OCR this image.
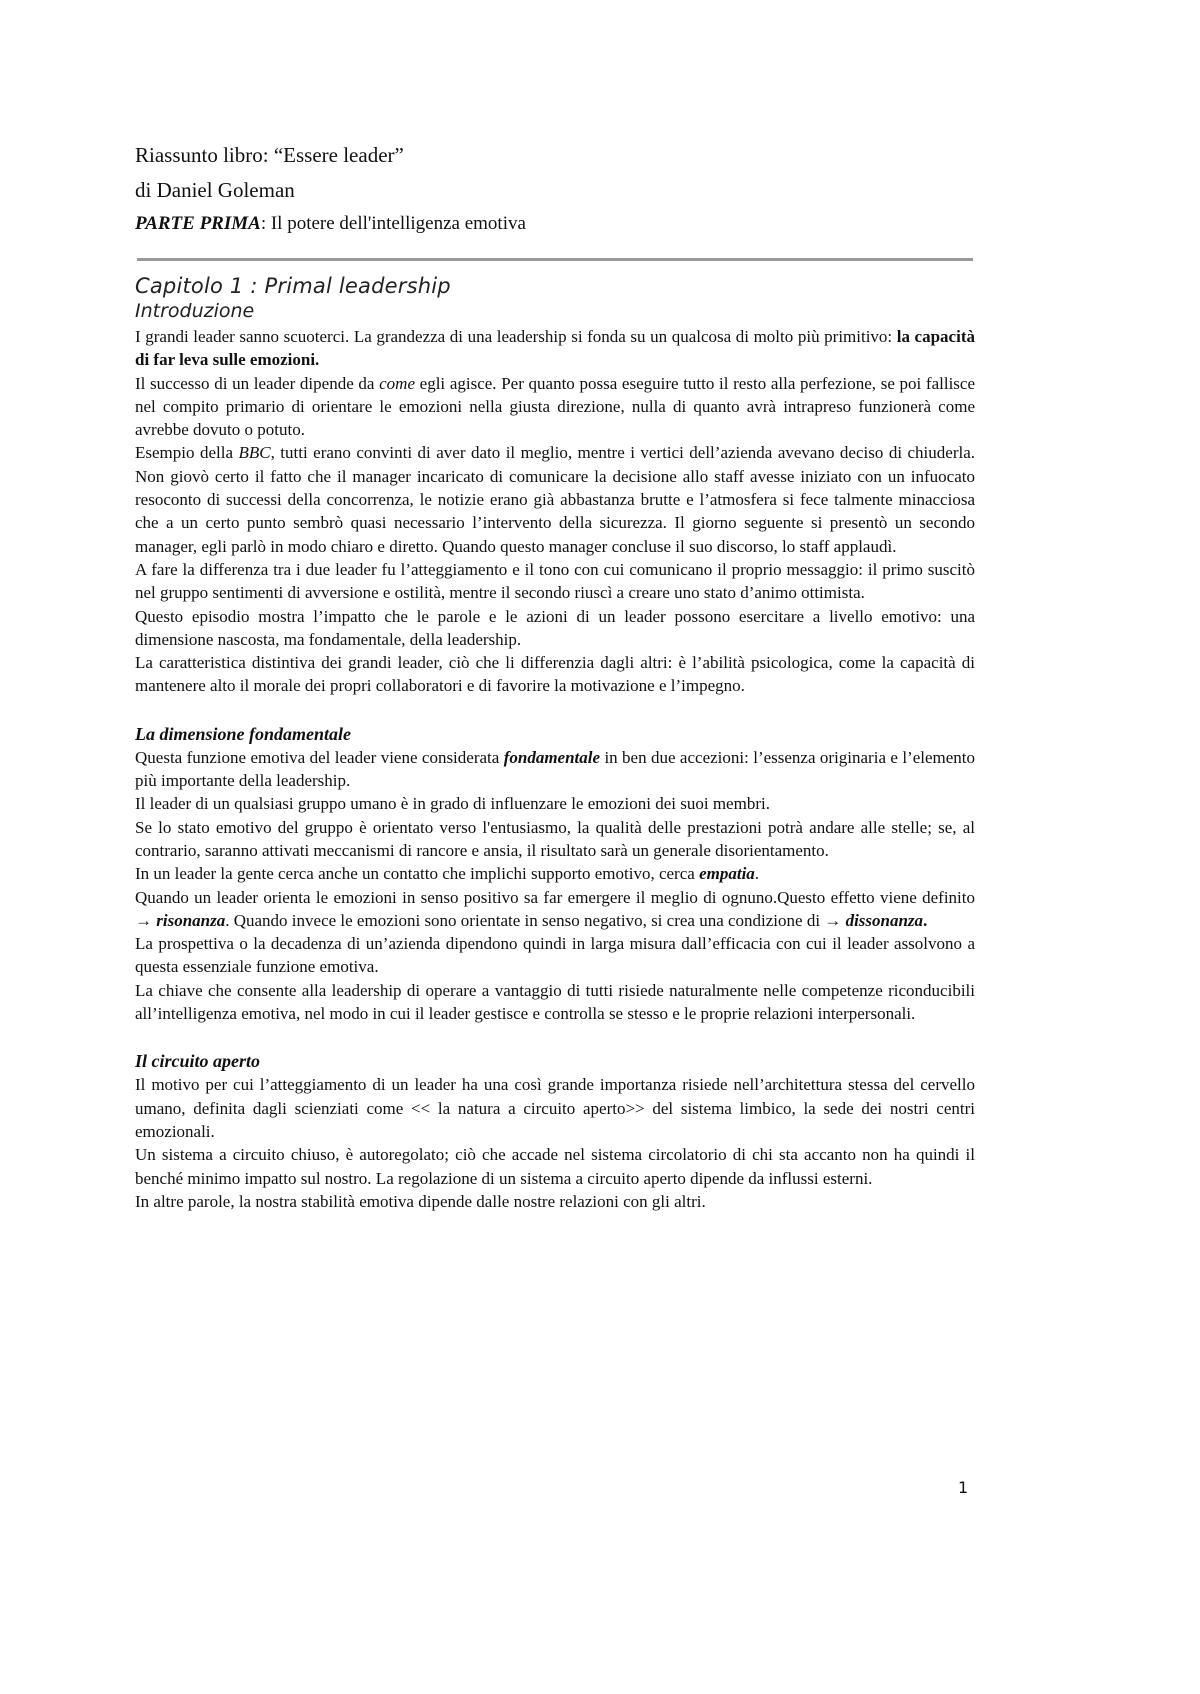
Riassunto libro: “Essere leader”
di Daniel Goleman
PARTE PRIMA: Il potere dell'intelligenza emotiva
Capitolo 1 : Primal leadership
Introduzione

I grandi leader sanno scuoterci. La grandezza di una leadership si fonda su un qualcosa di molto più primitivo: la capacità di far leva sulle emozioni.

Il successo di un leader dipende da come egli agisce. Per quanto possa eseguire tutto il resto alla perfezione, se poi fallisce nel compito primario di orientare le emozioni nella giusta direzione, nulla di quanto avrà intrapreso funzionerà come avrebbe dovuto o potuto.

Esempio della BBC, tutti erano convinti di aver dato il meglio, mentre i vertici dell’azienda avevano deciso di chiuderla. Non giovò certo il fatto che il manager incaricato di comunicare la decisione allo staff avesse iniziato con un infuocato resoconto di successi della concorrenza, le notizie erano già abbastanza brutte e l’atmosfera si fece talmente minacciosa che a un certo punto sembrò quasi necessario l’intervento della sicurezza. Il giorno seguente si presentò un secondo manager, egli parlò in modo chiaro e diretto. Quando questo manager concluse il suo discorso, lo staff applaudì.

A fare la differenza tra i due leader fu l’atteggiamento e il tono con cui comunicano il proprio messaggio: il primo suscitò nel gruppo sentimenti di avversione e ostilità, mentre il secondo riuscì a creare uno stato d’animo ottimista.

Questo episodio mostra l’impatto che le parole e le azioni di un leader possono esercitare a livello emotivo: una dimensione nascosta, ma fondamentale, della leadership.

La caratteristica distintiva dei grandi leader, ciò che li differenzia dagli altri: è l’abilità psicologica, come la capacità di mantenere alto il morale dei propri collaboratori e di favorire la motivazione e l’impegno.

La dimensione fondamentale

Questa funzione emotiva del leader viene considerata fondamentale in ben due accezioni: l’essenza originaria e l’elemento più importante della leadership.

Il leader di un qualsiasi gruppo umano è in grado di influenzare le emozioni dei suoi membri.

Se lo stato emotivo del gruppo è orientato verso l'entusiasmo, la qualità delle prestazioni potrà andare alle stelle; se, al contrario, saranno attivati meccanismi di rancore e ansia, il risultato sarà un generale disorientamento.

In un leader la gente cerca anche un contatto che implichi supporto emotivo, cerca empatia.

Quando un leader orienta le emozioni in senso positivo sa far emergere il meglio di ognuno.Questo effetto viene definito → risonanza. Quando invece le emozioni sono orientate in senso negativo, si crea una condizione di → dissonanza.

La prospettiva o la decadenza di un’azienda dipendono quindi in larga misura dall’efficacia con cui il leader assolvono a questa essenziale funzione emotiva.

La chiave che consente alla leadership di operare a vantaggio di tutti risiede naturalmente nelle competenze riconducibili all’intelligenza emotiva, nel modo in cui il leader gestisce e controlla se stesso e le proprie relazioni interpersonali.

Il circuito aperto

Il motivo per cui l’atteggiamento di un leader ha una così grande importanza risiede nell’architettura stessa del cervello umano, definita dagli scienziati come << la natura a circuito aperto>> del sistema limbico, la sede dei nostri centri emozionali.

Un sistema a circuito chiuso, è autoregolato; ciò che accade nel sistema circolatorio di chi sta accanto non ha quindi il benché minimo impatto sul nostro. La regolazione di un sistema a circuito aperto dipende da influssi esterni.

In altre parole, la nostra stabilità emotiva dipende dalle nostre relazioni con gli altri.

1
